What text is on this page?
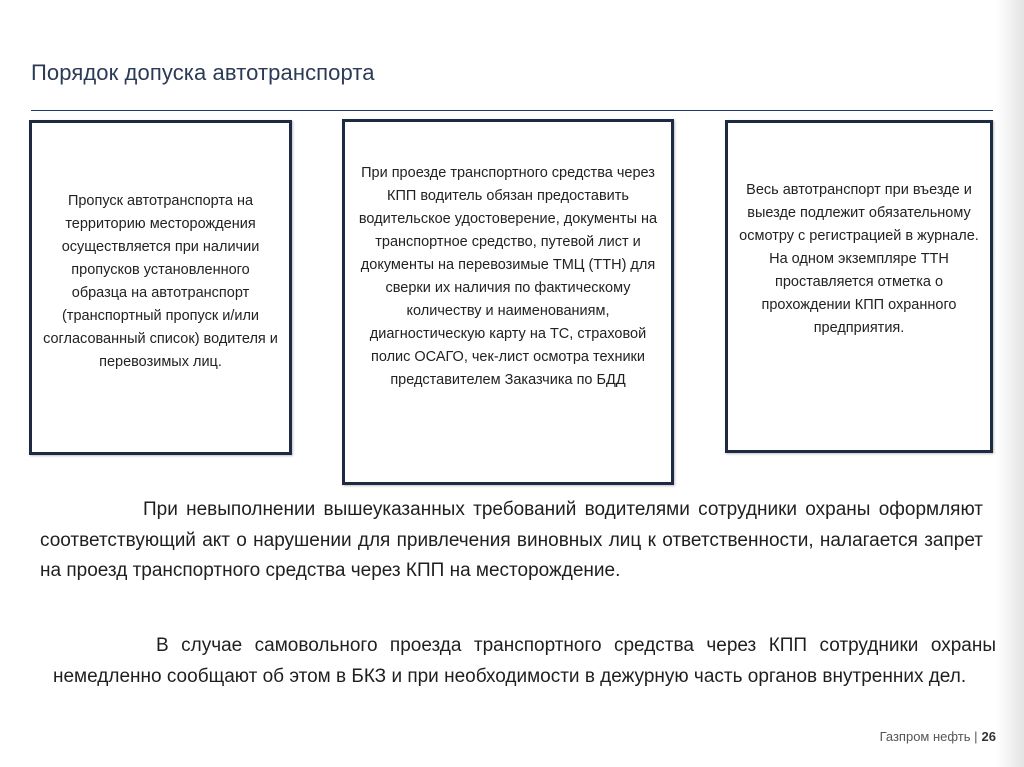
Порядок допуска автотранспорта
Пропуск автотранспорта на территорию месторождения осуществляется при наличии пропусков установленного образца на автотранспорт (транспортный пропуск и/или согласованный список) водителя и перевозимых лиц.
При проезде транспортного средства через КПП водитель обязан предоставить водительское удостоверение, документы на транспортное средство, путевой лист и документы на перевозимые ТМЦ (ТТН) для сверки их наличия по фактическому количеству и наименованиям, диагностическую карту на ТС, страховой полис ОСАГО, чек-лист осмотра техники представителем Заказчика по БДД
Весь автотранспорт при въезде и выезде подлежит обязательному осмотру с регистрацией в журнале. На одном экземпляре ТТН проставляется отметка о прохождении КПП охранного предприятия.
При невыполнении вышеуказанных требований водителями сотрудники охраны оформляют соответствующий акт о нарушении для привлечения виновных лиц к ответственности, налагается запрет на проезд транспортного средства через КПП на месторождение.
В случае самовольного проезда транспортного средства через КПП сотрудники охраны немедленно сообщают об этом в БКЗ и при необходимости в дежурную часть органов внутренних дел.
Газпром нефть | 26
